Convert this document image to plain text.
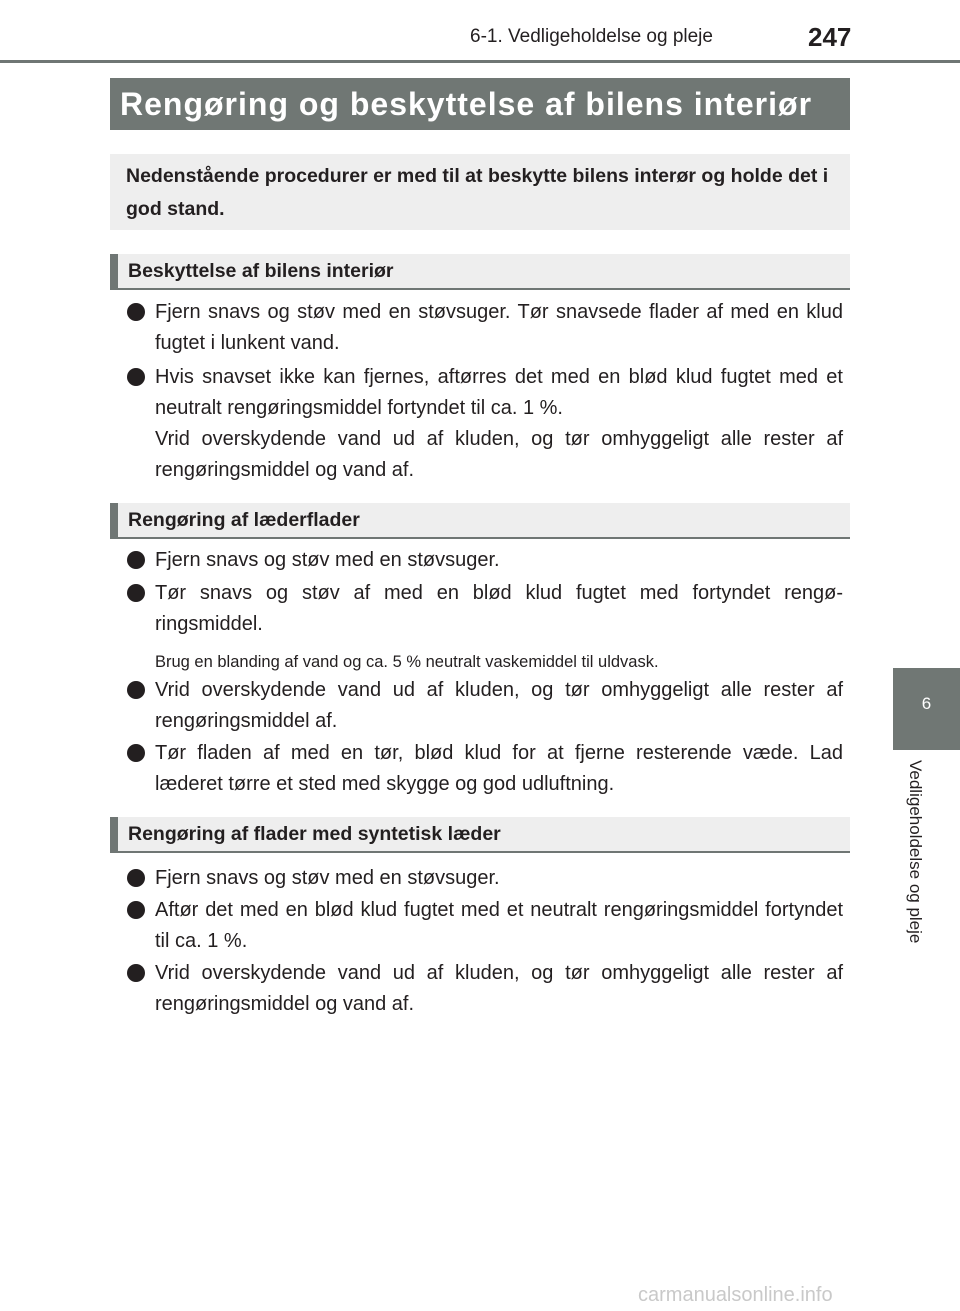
6-1. Vedligeholdelse og pleje	247
Rengøring og beskyttelse af bilens interiør
Nedenstående procedurer er med til at beskytte bilens interør og holde det i god stand.
Beskyttelse af bilens interiør
Fjern snavs og støv med en støvsuger. Tør snavsede flader af med en klud fugtet i lunkent vand.
Hvis snavset ikke kan fjernes, aftørres det med en blød klud fugtet med et neutralt rengøringsmiddel fortyndet til ca. 1 %.
Vrid overskydende vand ud af kluden, og tør omhyggeligt alle rester af rengøringsmiddel og vand af.
Rengøring af læderflader
Fjern snavs og støv med en støvsuger.
Tør snavs og støv af med en blød klud fugtet med fortyndet rengø-ringsmiddel.
Brug en blanding af vand og ca. 5 % neutralt vaskemiddel til uldvask.
Vrid overskydende vand ud af kluden, og tør omhyggeligt alle rester af rengøringsmiddel af.
Tør fladen af med en tør, blød klud for at fjerne resterende væde. Lad læderet tørre et sted med skygge og god udluftning.
Rengøring af flader med syntetisk læder
Fjern snavs og støv med en støvsuger.
Aftør det med en blød klud fugtet med et neutralt rengøringsmiddel fortyndet til ca. 1 %.
Vrid overskydende vand ud af kluden, og tør omhyggeligt alle rester af rengøringsmiddel og vand af.
6
Vedligeholdelse og pleje
carmanualsonline.info
